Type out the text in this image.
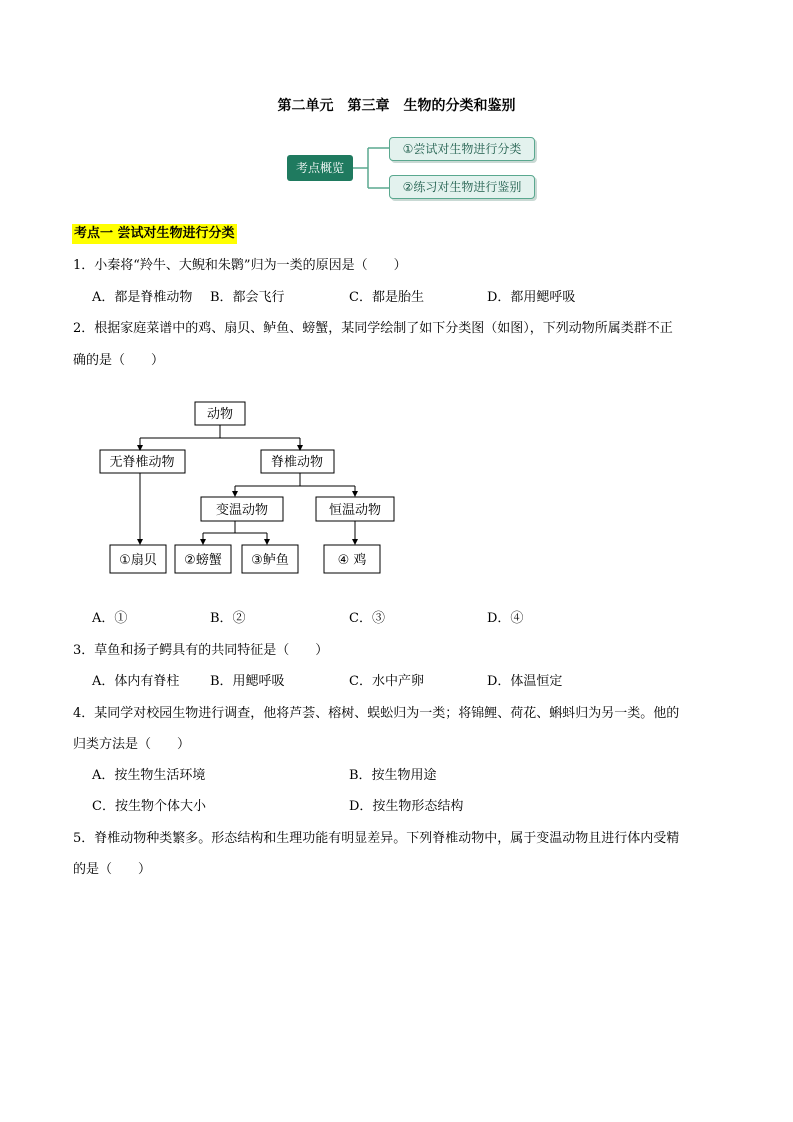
第二单元　第三章　生物的分类和鉴别
考点概览
①尝试对生物进行分类
②练习对生物进行鉴别
考点一 尝试对生物进行分类
1．小秦将“羚牛、大鲵和朱鹮”归为一类的原因是（　　）
A．都是脊椎动物 B．都会飞行	C．都是胎生	D．都用鳃呼吸
2．根据家庭菜谱中的鸡、扇贝、鲈鱼、螃蟹，某同学绘制了如下分类图（如图），下列动物所属类群不正
确的是（　　）
动物
无脊椎动物	脊椎动物
变温动物	恒温动物
①扇贝 ②螃蟹 ③鲈鱼	④ 鸡
A．①	B．②	C．③	D．④
3．草鱼和扬子鳄具有的共同特征是（　　）
A．体内有脊柱 B．用鳃呼吸	C．水中产卵	D．体温恒定
4．某同学对校园生物进行调查，他将芦荟、榕树、蜈蚣归为一类；将锦鲤、荷花、蝌蚪归为另一类。他的
归类方法是（　　）
A．按生物生活环境	B．按生物用途
C．按生物个体大小	D．按生物形态结构
5．脊椎动物种类繁多。形态结构和生理功能有明显差异。下列脊椎动物中，属于变温动物且进行体内受精
的是（　　）
